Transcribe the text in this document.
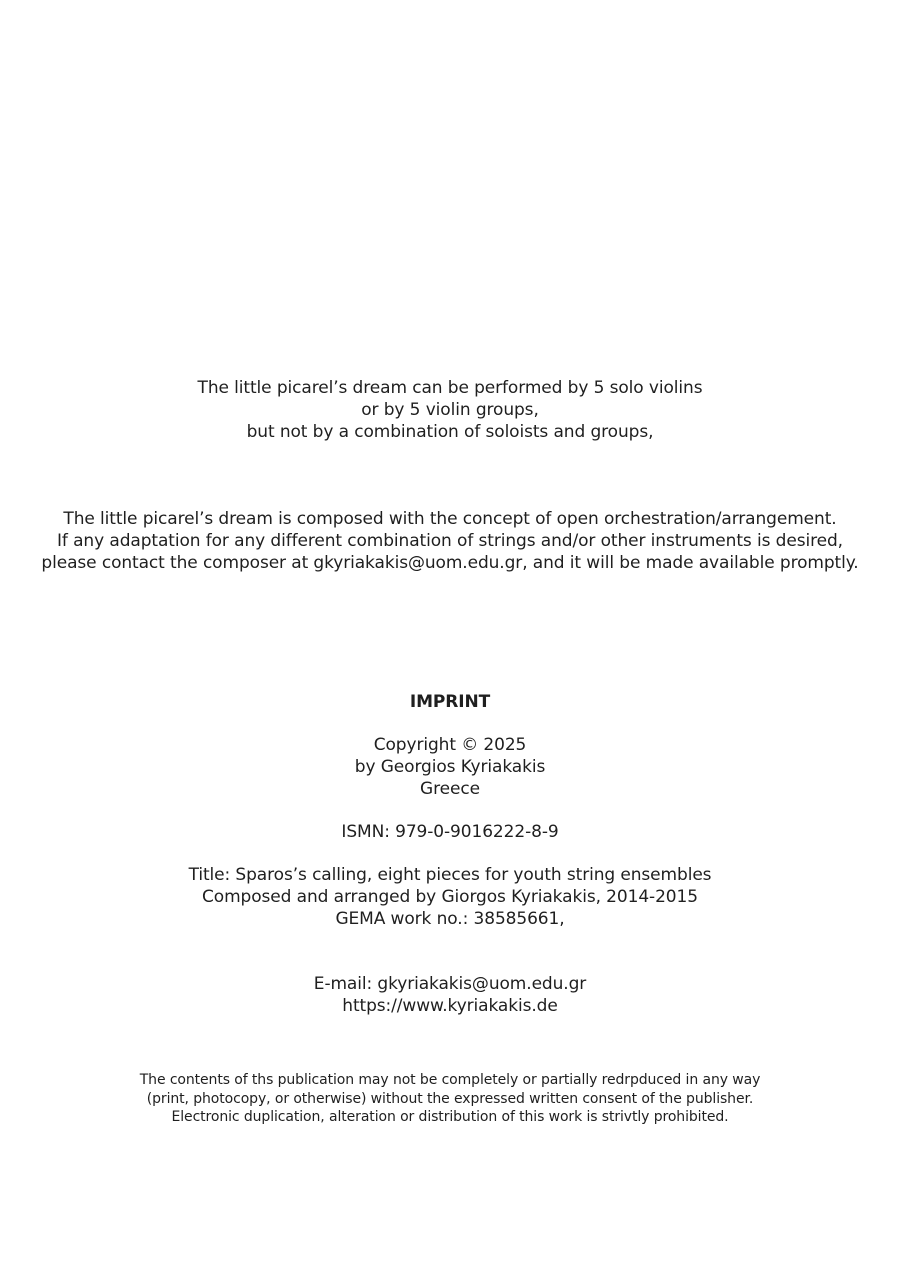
The little picarel’s dream can be performed by 5 solo violins
or by 5 violin groups,
but not by a combination of soloists and groups,
The little picarel’s dream is composed with the concept of open orchestration/arrangement.
If any adaptation for any different combination of strings and/or other instruments is desired,
please contact the composer at gkyriakakis@uom.edu.gr, and it will be made available promptly.
IMPRINT
Copyright © 2025
by Georgios Kyriakakis
Greece
ISMN: 979-0-9016222-8-9
Title: Sparos’s calling, eight pieces for youth string ensembles
Composed and arranged by Giorgos Kyriakakis, 2014-2015
GEMA work no.: 38585661,
E-mail: gkyriakakis@uom.edu.gr
https://www.kyriakakis.de
The contents of ths publication may not be completely or partially redrpduced in any way
(print, photocopy, or otherwise) without the expressed written consent of the publisher.
Electronic duplication, alteration or distribution of this work is strivtly prohibited.
